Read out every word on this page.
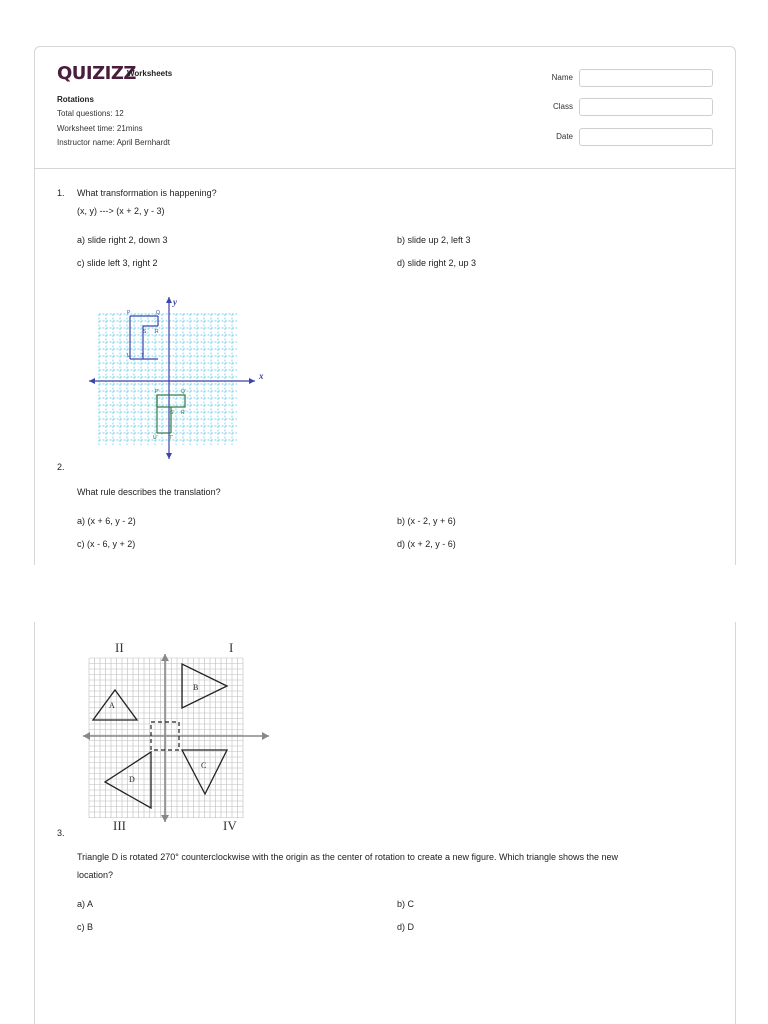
QUIZIZZ
Worksheets
Rotations
Total questions: 12
Worksheet time: 21mins
Instructor name: April Bernhardt
Name
Class
Date
1. What transformation is happening?
(x, y) ---> (x + 2, y - 3)
a) slide right 2, down 3	b) slide up 2, left 3
c) slide left 3, right 2	d) slide right 2, up 3
x
y
P	Q
S R
U T
P'	Q'
S' R'
U' T'
2.
What rule describes the translation?
a) (x + 6, y - 2)	b) (x - 2, y + 6)
c) (x - 6, y + 2)	d) (x + 2, y - 6)
II	I
III	IV
A
B
C
D
3.
Triangle D is rotated 270° counterclockwise with the origin as the center of rotation to create a new figure. Which triangle shows the new
location?
a) A	b) C
c) B	d) D
